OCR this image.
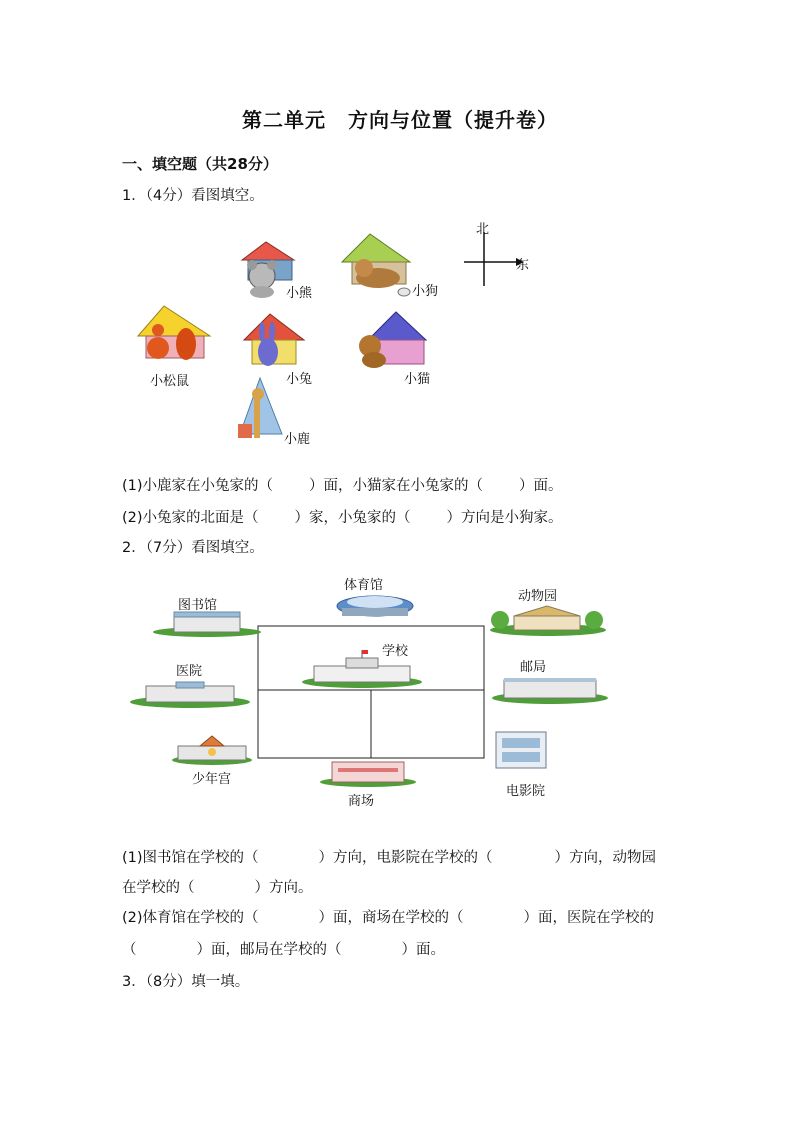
第二单元 方向与位置（提升卷）
一、填空题（共28分）
1．（4分）看图填空。
北
东
小熊	小狗
小松鼠	小兔	小猫
小鹿
(1)小鹿家在小兔家的（ ）面，小猫家在小兔家的（ ）面。
(2)小兔家的北面是（ ）家，小兔家的（ ）方向是小狗家。
2．（7分）看图填空。
图书馆
体育馆
动物园
医院
学校
邮局
少年宫
商场
电影院
(1)图书馆在学校的（	）方向，电影院在学校的（	）方向，动物园
在学校的（	）方向。
(2)体育馆在学校的（	）面，商场在学校的（	）面，医院在学校的
（	）面，邮局在学校的（	）面。
3．（8分）填一填。
